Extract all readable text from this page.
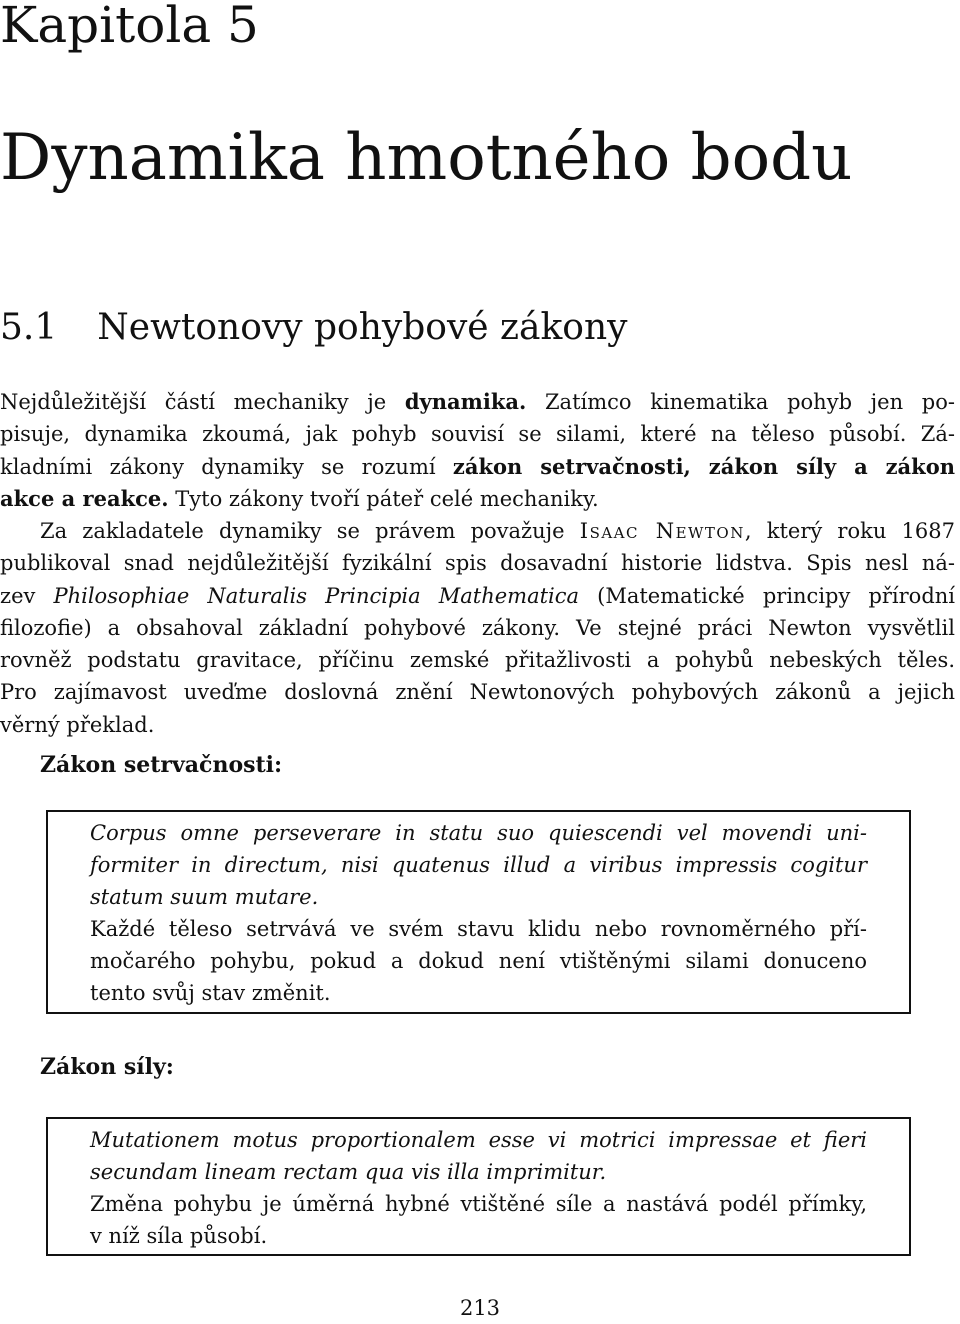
Kapitola 5
Dynamika hmotného bodu
5.1 Newtonovy pohybové zákony
Nejdůležitější částí mechaniky je dynamika. Zatímco kinematika pohyb jen po-
pisuje, dynamika zkoumá, jak pohyb souvisí se silami, které na těleso působí. Zá-
kladními zákony dynamiky se rozumí zákon setrvačnosti, zákon síly a zákon
akce a reakce. Tyto zákony tvoří páteř celé mechaniky.
Za zakladatele dynamiky se právem považuje Isaac Newton, který roku 1687
publikoval snad nejdůležitější fyzikální spis dosavadní historie lidstva. Spis nesl ná-
zev Philosophiae Naturalis Principia Mathematica (Matematické principy přírodní
filozofie) a obsahoval základní pohybové zákony. Ve stejné práci Newton vysvětlil
rovněž podstatu gravitace, příčinu zemské přitažlivosti a pohybů nebeských těles.
Pro zajímavost uveďme doslovná znění Newtonových pohybových zákonů a jejich
věrný překlad.
Zákon setrvačnosti:
Corpus omne perseverare in statu suo quiescendi vel movendi uni-
formiter in directum, nisi quatenus illud a viribus impressis cogitur
statum suum mutare.
Každé těleso setrvává ve svém stavu klidu nebo rovnoměrného pří-
močarého pohybu, pokud a dokud není vtištěnými silami donuceno
tento svůj stav změnit.
Zákon síly:
Mutationem motus proportionalem esse vi motrici impressae et fieri
secundam lineam rectam qua vis illa imprimitur.
Změna pohybu je úměrná hybné vtištěné síle a nastává podél přímky,
v níž síla působí.
213
